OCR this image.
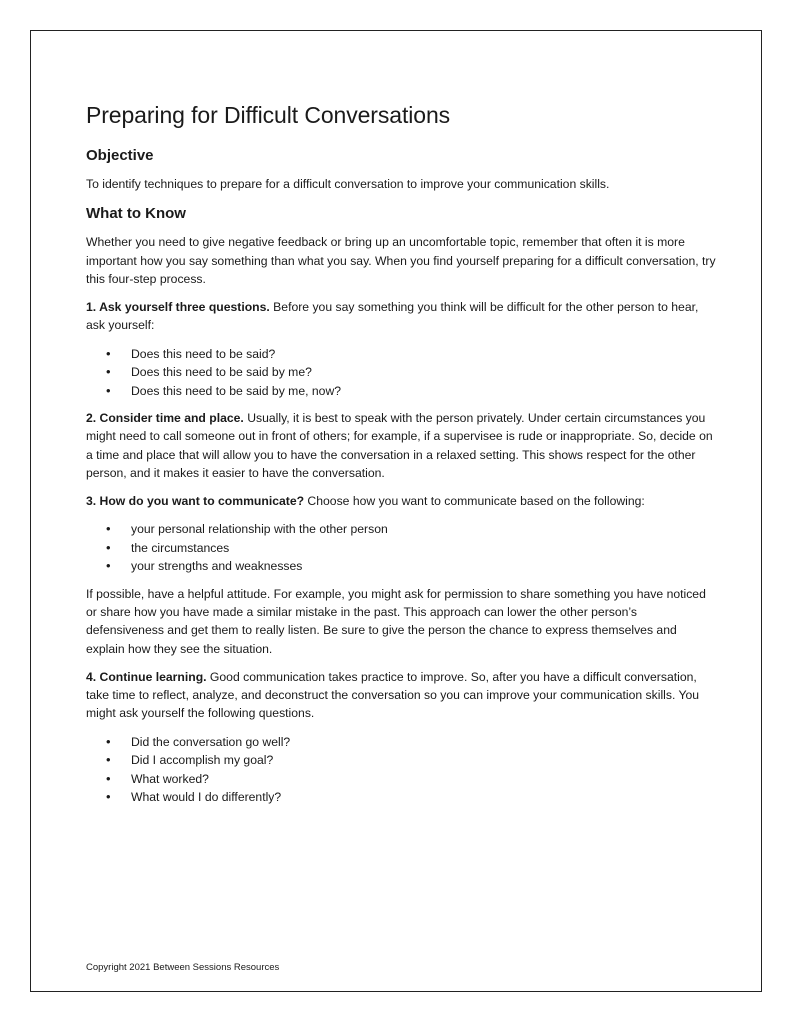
Preparing for Difficult Conversations
Objective

To identify techniques to prepare for a difficult conversation to improve your communication skills.

What to Know

Whether you need to give negative feedback or bring up an uncomfortable topic, remember that often it is more important how you say something than what you say. When you find yourself preparing for a difficult conversation, try this four-step process.

1. Ask yourself three questions. Before you say something you think will be difficult for the other person to hear, ask yourself:

• Does this need to be said?
• Does this need to be said by me?
• Does this need to be said by me, now?

2. Consider time and place. Usually, it is best to speak with the person privately. Under certain circumstances you might need to call someone out in front of others; for example, if a supervisee is rude or inappropriate. So, decide on a time and place that will allow you to have the conversation in a relaxed setting. This shows respect for the other person, and it makes it easier to have the conversation.

3. How do you want to communicate? Choose how you want to communicate based on the following:

• your personal relationship with the other person
• the circumstances
• your strengths and weaknesses

If possible, have a helpful attitude. For example, you might ask for permission to share something you have noticed or share how you have made a similar mistake in the past. This approach can lower the other person’s defensiveness and get them to really listen. Be sure to give the person the chance to express themselves and explain how they see the situation.

4. Continue learning. Good communication takes practice to improve. So, after you have a difficult conversation, take time to reflect, analyze, and deconstruct the conversation so you can improve your communication skills. You might ask yourself the following questions.

• Did the conversation go well?
• Did I accomplish my goal?
• What worked?
• What would I do differently?
Copyright 2021 Between Sessions Resources
